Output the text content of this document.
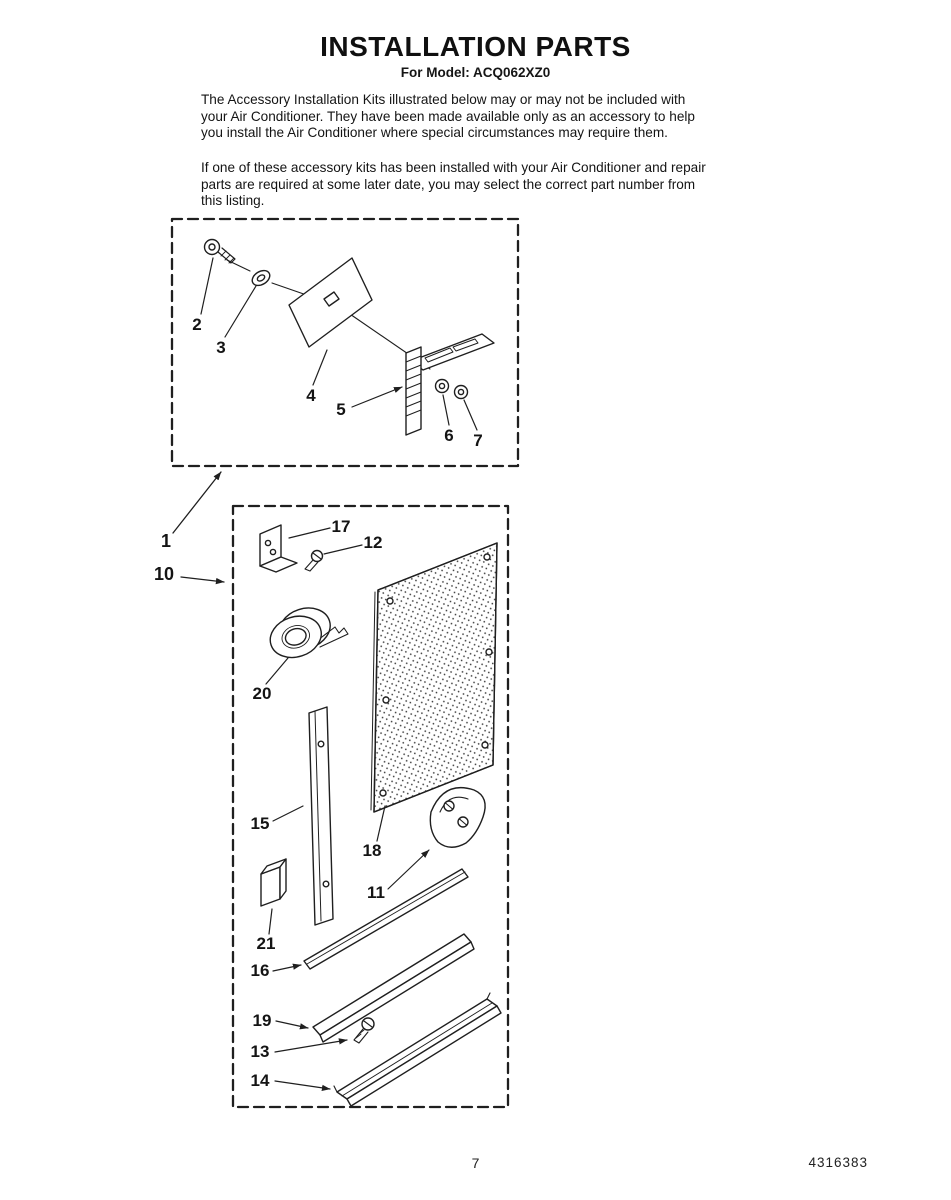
INSTALLATION PARTS
For Model: ACQ062XZ0
The Accessory Installation Kits illustrated below may or may not be included with your Air Conditioner. They have been made available only as an accessory to help you install the Air Conditioner where special circumstances may require them.
If one of these accessory kits has been installed with your Air Conditioner and repair parts are required at some later date, you may select the correct part number from this listing.
1
10
2
3
4
5
6 7
17
12
20
15
18
11
21
16
19
13
14
7	4316383
